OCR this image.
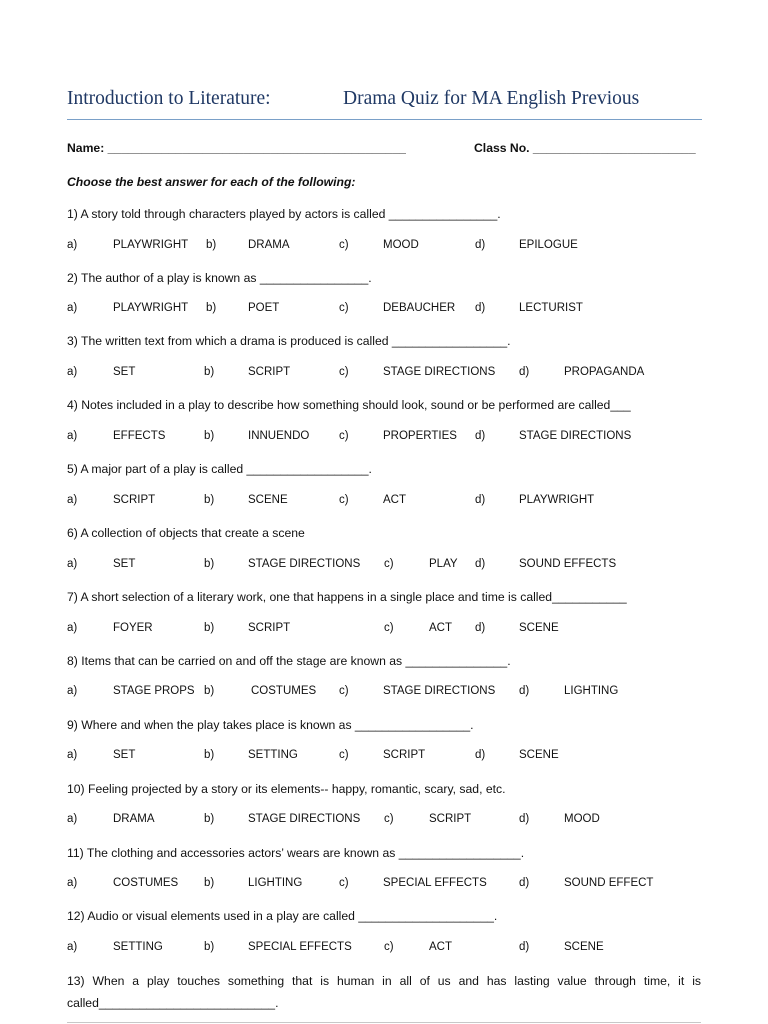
Introduction to Literature:	Drama Quiz for MA English Previous
Name: ____________________________________________	Class No. ________________________
Choose the best answer for each of the following:
1) A story told through characters played by actors is called ________________.
a)	PLAYWRIGHT b)	DRAMA	c)	MOOD	d)	EPILOGUE
2) The author of a play is known as ________________.
a)	PLAYWRIGHT b)	POET	c)	DEBAUCHER d)	LECTURIST
3) The written text from which a drama is produced is called _________________.
a)	SET	b)	SCRIPT	c)	STAGE DIRECTIONS d)	PROPAGANDA
4) Notes included in a play to describe how something should look, sound or be performed are called___
a)	EFFECTS	b)	INNUENDO	c)	PROPERTIES d)	STAGE DIRECTIONS
5) A major part of a play is called __________________.
a)	SCRIPT	b)	SCENE	c)	ACT	d)	PLAYWRIGHT
6) A collection of objects that create a scene
a)	SET	b)	STAGE DIRECTIONS c)	PLAY d)	SOUND EFFECTS
7) A short selection of a literary work, one that happens in a single place and time is called___________
a)	FOYER	b)	SCRIPT	c)	ACT d)	SCENE
8) Items that can be carried on and off the stage are known as _______________.
a)	STAGE PROPS b)	COSTUMES c)	STAGE DIRECTIONS d)	LIGHTING
9) Where and when the play takes place is known as _________________.
a)	SET	b)	SETTING	c)	SCRIPT	d)	SCENE
10) Feeling projected by a story or its elements-- happy, romantic, scary, sad, etc.
a)	DRAMA	b)	STAGE DIRECTIONS c)	SCRIPT	d)	MOOD
11) The clothing and accessories actors’ wears are known as __________________.
a)	COSTUMES b)	LIGHTING	c)	SPECIAL EFFECTS	d)	SOUND EFFECT
12) Audio or visual elements used in a play are called ____________________.
a)	SETTING	b)	SPECIAL EFFECTS	c)	ACT	d)	SCENE
13) When a play touches something that is human in all of us and has lasting value through time, it is
called__________________________.
